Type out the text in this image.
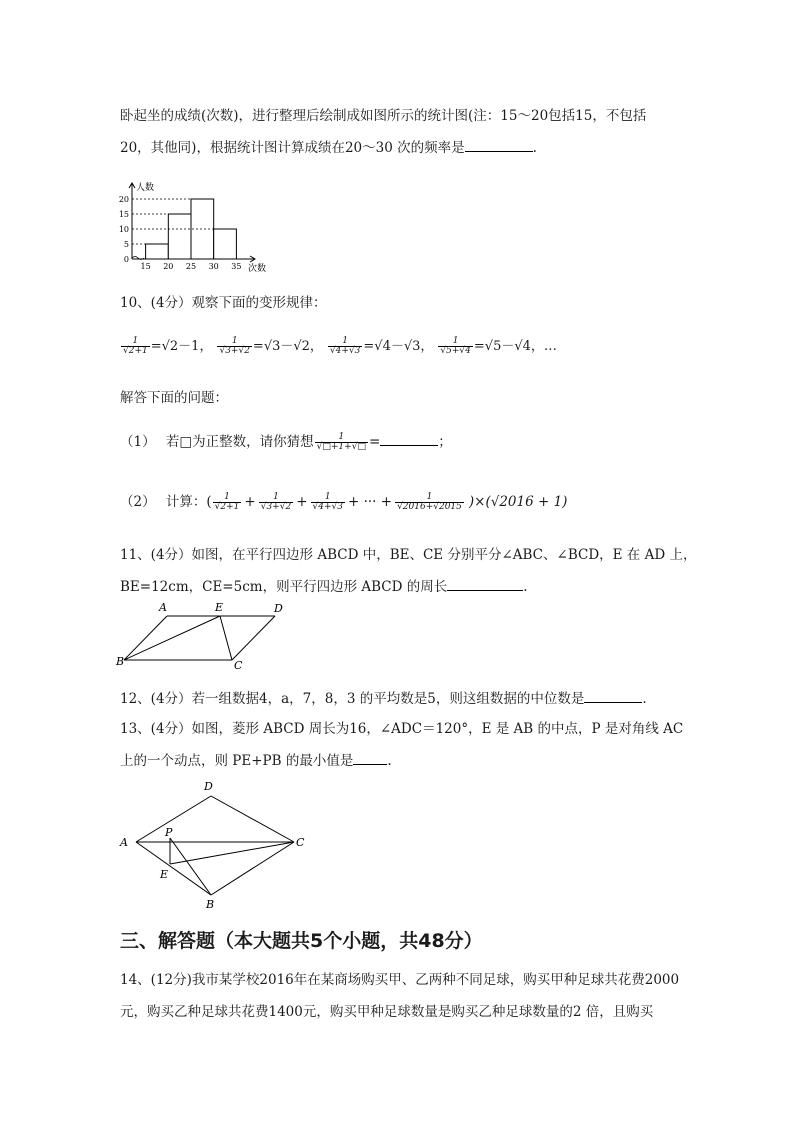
卧起坐的成绩(次数)，进行整理后绘制成如图所示的统计图(注：15～20包括15，不包括
20，其他同)，根据统计图计算成绩在20～30 次的频率是	.
0
5
10
15
20
15 20 25 30 35
人数
次数
10、(4分）观察下面的变形规律：
$\frac{1}{√2+1} =√2-1$， $\frac{1}{√3+√2} =√3-√2$， $\frac{1}{√4+√3} =√4-√3$， $\frac{1}{√5+√4} =√5-√4$，…
解答下面的问题：
（1） 若□为正整数，请你猜想 $\frac{1}{√□+1+√□}$ =	；
（2） 计算：( $\frac{1}{√2+1} + \frac{1}{√3+√2} + \frac{1}{√4+√3}$ + ··· + $\frac{1}{√2016+√2015} )\times(√2016 + 1)$
11、(4分）如图，在平行四边形 ABCD 中，BE、CE 分别平分∠ABC、∠BCD，E 在 AD 上，
BE=12cm，CE=5cm，则平行四边形 ABCD 的周长	.
A	E	D
B	C
12、(4分）若一组数据4，a，7，8，3 的平均数是5，则这组数据的中位数是	.
13、(4分）如图，菱形 ABCD 周长为16，∠ADC＝120°，E 是 AB 的中点，P 是对角线 AC
上的一个动点，则 PE+PB 的最小值是	.
D
A
P
C
E
B
三、解答题（本大题共5个小题，共48分）
14、(12分)我市某学校2016年在某商场购买甲、乙两种不同足球，购买甲种足球共花费2000
元，购买乙种足球共花费1400元，购买甲种足球数量是购买乙种足球数量的2 倍，且购买
